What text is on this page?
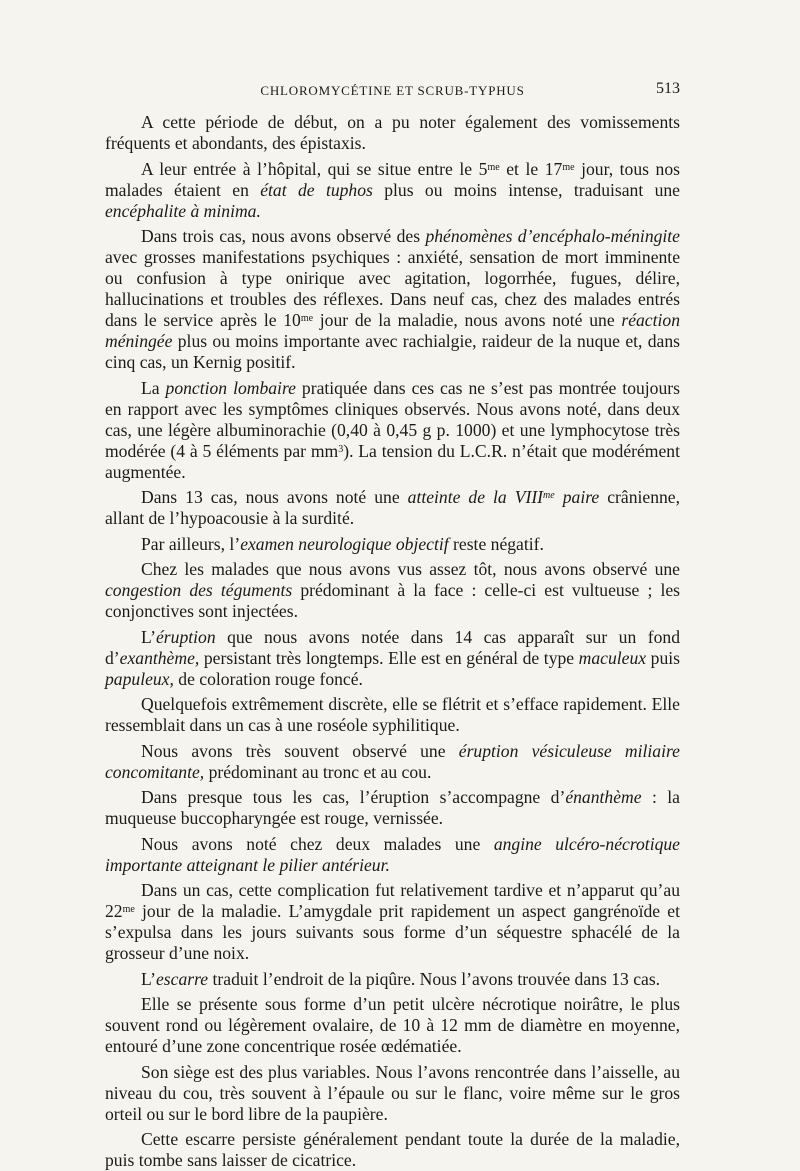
CHLOROMYCÉTINE ET SCRUB-TYPHUS	513

A cette période de début, on a pu noter également des vomissements fréquents et abondants, des épistaxis.

A leur entrée à l’hôpital, qui se situe entre le $5^{me}$ et le $17^{me}$ jour, tous nos malades étaient en état de tuphos plus ou moins intense, traduisant une encéphalite à minima.

Dans trois cas, nous avons observé des phénomènes d’encéphalo-méningite avec grosses manifestations psychiques : anxiété, sensation de mort imminente ou confusion à type onirique avec agitation, logorrhée, fugues, délire, hallucinations et troubles des réflexes. Dans neuf cas, chez des malades entrés dans le service après le $10^{me}$ jour de la maladie, nous avons noté une réaction méningée plus ou moins importante avec rachialgie, raideur de la nuque et, dans cinq cas, un Kernig positif.

La ponction lombaire pratiquée dans ces cas ne s’est pas montrée toujours en rapport avec les symptômes cliniques observés. Nous avons noté, dans deux cas, une légère albuminorachie (0,40 à 0,45 g p. 1000) et une lymphocytose très modérée (4 à 5 éléments par $mm^3$). La tension du L.C.R. n’était que modérément augmentée.

Dans 13 cas, nous avons noté une atteinte de la $VIII^{me}$ paire crânienne, allant de l’hypoacousie à la surdité.

Par ailleurs, l’examen neurologique objectif reste négatif.

Chez les malades que nous avons vus assez tôt, nous avons observé une congestion des téguments prédominant à la face : celle-ci est vultueuse ; les conjonctives sont injectées.

L’éruption que nous avons notée dans 14 cas apparaît sur un fond d’exanthème, persistant très longtemps. Elle est en général de type maculeux puis papuleux, de coloration rouge foncé.

Quelquefois extrêmement discrète, elle se flétrit et s’efface rapidement. Elle ressemblait dans un cas à une roséole syphilitique.

Nous avons très souvent observé une éruption vésiculeuse miliaire concomitante, prédominant au tronc et au cou.

Dans presque tous les cas, l’éruption s’accompagne d’énanthème : la muqueuse buccopharyngée est rouge, vernissée.

Nous avons noté chez deux malades une angine ulcéro-nécrotique importante atteignant le pilier antérieur.

Dans un cas, cette complication fut relativement tardive et n’apparut qu’au $22^{me}$ jour de la maladie. L’amygdale prit rapidement un aspect gangrénoïde et s’expulsa dans les jours suivants sous forme d’un séquestre sphacélé de la grosseur d’une noix.

L’escarre traduit l’endroit de la piqûre. Nous l’avons trouvée dans 13 cas.

Elle se présente sous forme d’un petit ulcère nécrotique noirâtre, le plus souvent rond ou légèrement ovalaire, de 10 à 12 mm de diamètre en moyenne, entouré d’une zone concentrique rosée œdématiée.

Son siège est des plus variables. Nous l’avons rencontrée dans l’aisselle, au niveau du cou, très souvent à l’épaule ou sur le flanc, voire même sur le gros orteil ou sur le bord libre de la paupière.

Cette escarre persiste généralement pendant toute la durée de la maladie, puis tombe sans laisser de cicatrice.
